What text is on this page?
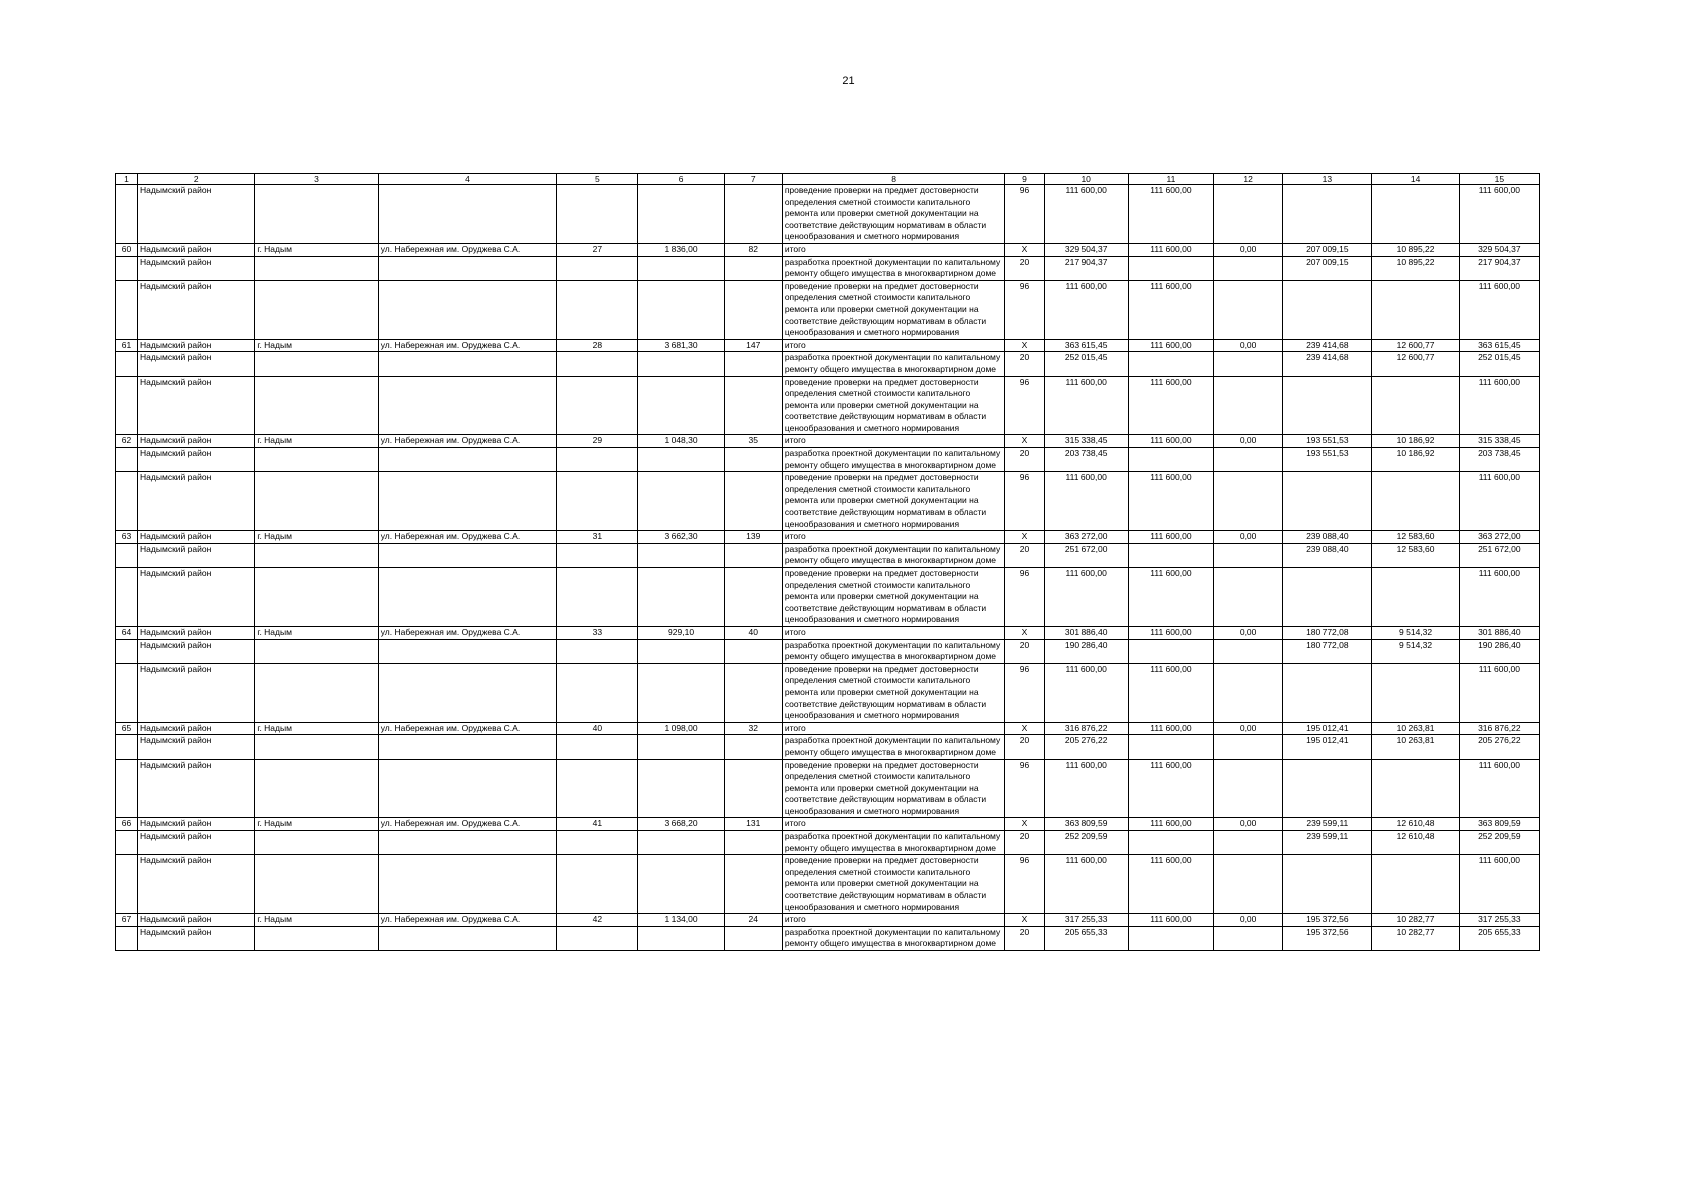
21
1	2	3	4	5	6	7	8	9	10	11	12	13	14	15
	Надымский район						проведение проверки на предмет достоверности определения сметной стоимости капитального ремонта или проверки сметной документации на соответствие действующим нормативам в области ценообразования и сметного нормирования	96	111 600,00	111 600,00				111 600,00
60	Надымский район	г. Надым	ул. Набережная им. Оруджева С.А.	27	1 836,00	82	итого	X	329 504,37	111 600,00	0,00	207 009,15	10 895,22	329 504,37
	Надымский район						разработка проектной документации по капитальному ремонту общего имущества в многоквартирном доме	20	217 904,37			207 009,15	10 895,22	217 904,37
	Надымский район						проведение проверки на предмет достоверности определения сметной стоимости капитального ремонта или проверки сметной документации на соответствие действующим нормативам в области ценообразования и сметного нормирования	96	111 600,00	111 600,00				111 600,00
61	Надымский район	г. Надым	ул. Набережная им. Оруджева С.А.	28	3 681,30	147	итого	X	363 615,45	111 600,00	0,00	239 414,68	12 600,77	363 615,45
	Надымский район						разработка проектной документации по капитальному ремонту общего имущества в многоквартирном доме	20	252 015,45			239 414,68	12 600,77	252 015,45
	Надымский район						проведение проверки на предмет достоверности определения сметной стоимости капитального ремонта или проверки сметной документации на соответствие действующим нормативам в области ценообразования и сметного нормирования	96	111 600,00	111 600,00				111 600,00
62	Надымский район	г. Надым	ул. Набережная им. Оруджева С.А.	29	1 048,30	35	итого	X	315 338,45	111 600,00	0,00	193 551,53	10 186,92	315 338,45
	Надымский район						разработка проектной документации по капитальному ремонту общего имущества в многоквартирном доме	20	203 738,45			193 551,53	10 186,92	203 738,45
	Надымский район						проведение проверки на предмет достоверности определения сметной стоимости капитального ремонта или проверки сметной документации на соответствие действующим нормативам в области ценообразования и сметного нормирования	96	111 600,00	111 600,00				111 600,00
63	Надымский район	г. Надым	ул. Набережная им. Оруджева С.А.	31	3 662,30	139	итого	X	363 272,00	111 600,00	0,00	239 088,40	12 583,60	363 272,00
	Надымский район						разработка проектной документации по капитальному ремонту общего имущества в многоквартирном доме	20	251 672,00			239 088,40	12 583,60	251 672,00
	Надымский район						проведение проверки на предмет достоверности определения сметной стоимости капитального ремонта или проверки сметной документации на соответствие действующим нормативам в области ценообразования и сметного нормирования	96	111 600,00	111 600,00				111 600,00
64	Надымский район	г. Надым	ул. Набережная им. Оруджева С.А.	33	929,10	40	итого	X	301 886,40	111 600,00	0,00	180 772,08	9 514,32	301 886,40
	Надымский район						разработка проектной документации по капитальному ремонту общего имущества в многоквартирном доме	20	190 286,40			180 772,08	9 514,32	190 286,40
	Надымский район						проведение проверки на предмет достоверности определения сметной стоимости капитального ремонта или проверки сметной документации на соответствие действующим нормативам в области ценообразования и сметного нормирования	96	111 600,00	111 600,00				111 600,00
65	Надымский район	г. Надым	ул. Набережная им. Оруджева С.А.	40	1 098,00	32	итого	X	316 876,22	111 600,00	0,00	195 012,41	10 263,81	316 876,22
	Надымский район						разработка проектной документации по капитальному ремонту общего имущества в многоквартирном доме	20	205 276,22			195 012,41	10 263,81	205 276,22
	Надымский район						проведение проверки на предмет достоверности определения сметной стоимости капитального ремонта или проверки сметной документации на соответствие действующим нормативам в области ценообразования и сметного нормирования	96	111 600,00	111 600,00				111 600,00
66	Надымский район	г. Надым	ул. Набережная им. Оруджева С.А.	41	3 668,20	131	итого	X	363 809,59	111 600,00	0,00	239 599,11	12 610,48	363 809,59
	Надымский район						разработка проектной документации по капитальному ремонту общего имущества в многоквартирном доме	20	252 209,59			239 599,11	12 610,48	252 209,59
	Надымский район						проведение проверки на предмет достоверности определения сметной стоимости капитального ремонта или проверки сметной документации на соответствие действующим нормативам в области ценообразования и сметного нормирования	96	111 600,00	111 600,00				111 600,00
67	Надымский район	г. Надым	ул. Набережная им. Оруджева С.А.	42	1 134,00	24	итого	X	317 255,33	111 600,00	0,00	195 372,56	10 282,77	317 255,33
	Надымский район						разработка проектной документации по капитальному ремонту общего имущества в многоквартирном доме	20	205 655,33			195 372,56	10 282,77	205 655,33
